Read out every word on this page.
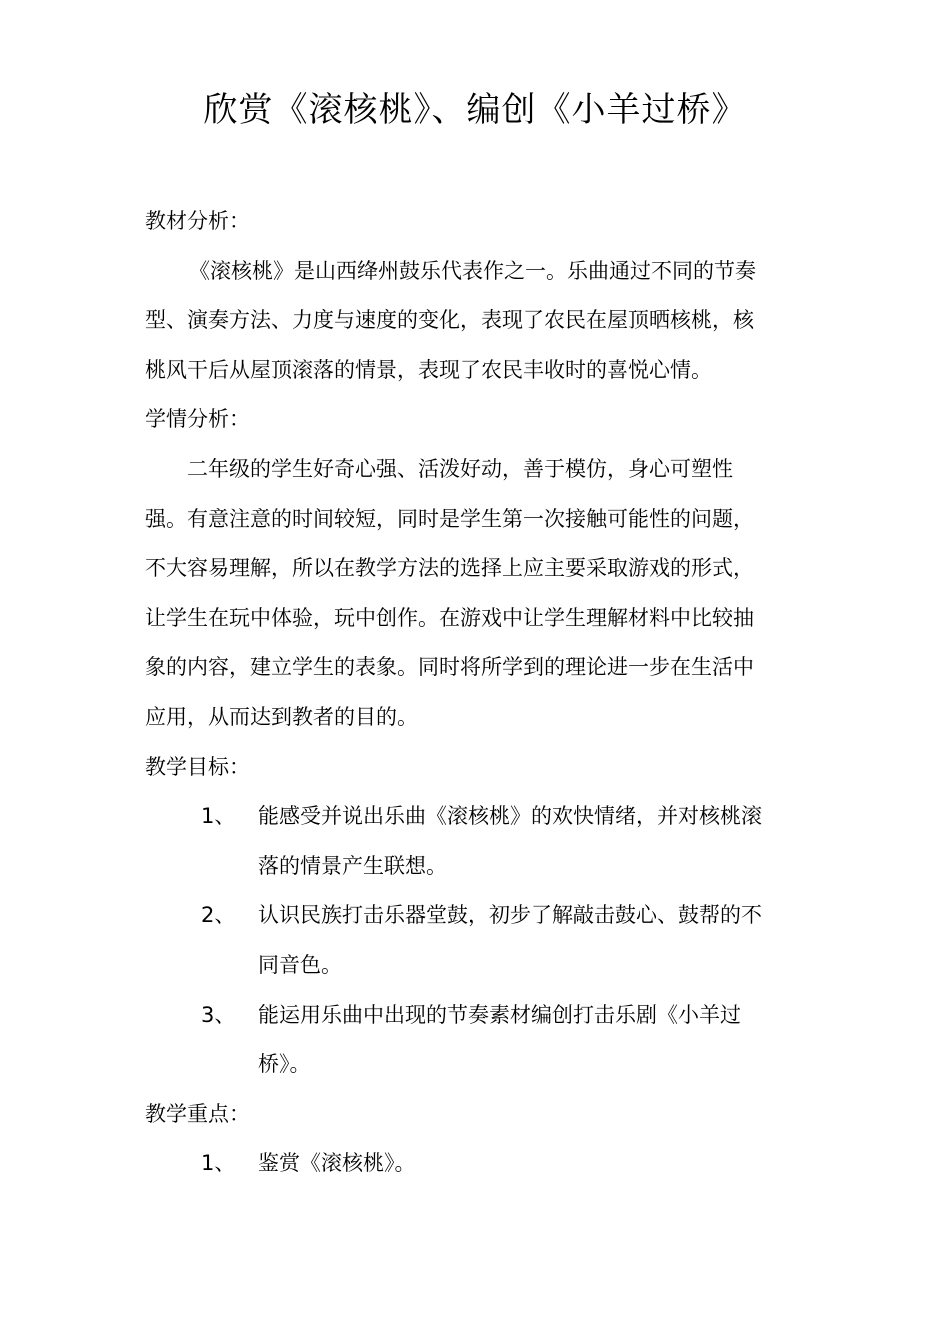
欣赏《滚核桃》、编创《小羊过桥》
教材分析：
《滚核桃》是山西绛州鼓乐代表作之一。乐曲通过不同的节奏
型、演奏方法、力度与速度的变化，表现了农民在屋顶晒核桃，核
桃风干后从屋顶滚落的情景，表现了农民丰收时的喜悦心情。
学情分析：
二年级的学生好奇心强、活泼好动，善于模仿，身心可塑性
强。有意注意的时间较短，同时是学生第一次接触可能性的问题，
不大容易理解，所以在教学方法的选择上应主要采取游戏的形式，
让学生在玩中体验，玩中创作。在游戏中让学生理解材料中比较抽
象的内容，建立学生的表象。同时将所学到的理论进一步在生活中
应用，从而达到教者的目的。
教学目标：
1、 能感受并说出乐曲《滚核桃》的欢快情绪，并对核桃滚
落的情景产生联想。
2、 认识民族打击乐器堂鼓，初步了解敲击鼓心、鼓帮的不
同音色。
3、 能运用乐曲中出现的节奏素材编创打击乐剧《小羊过
桥》。
教学重点：
1、 鉴赏《滚核桃》。
